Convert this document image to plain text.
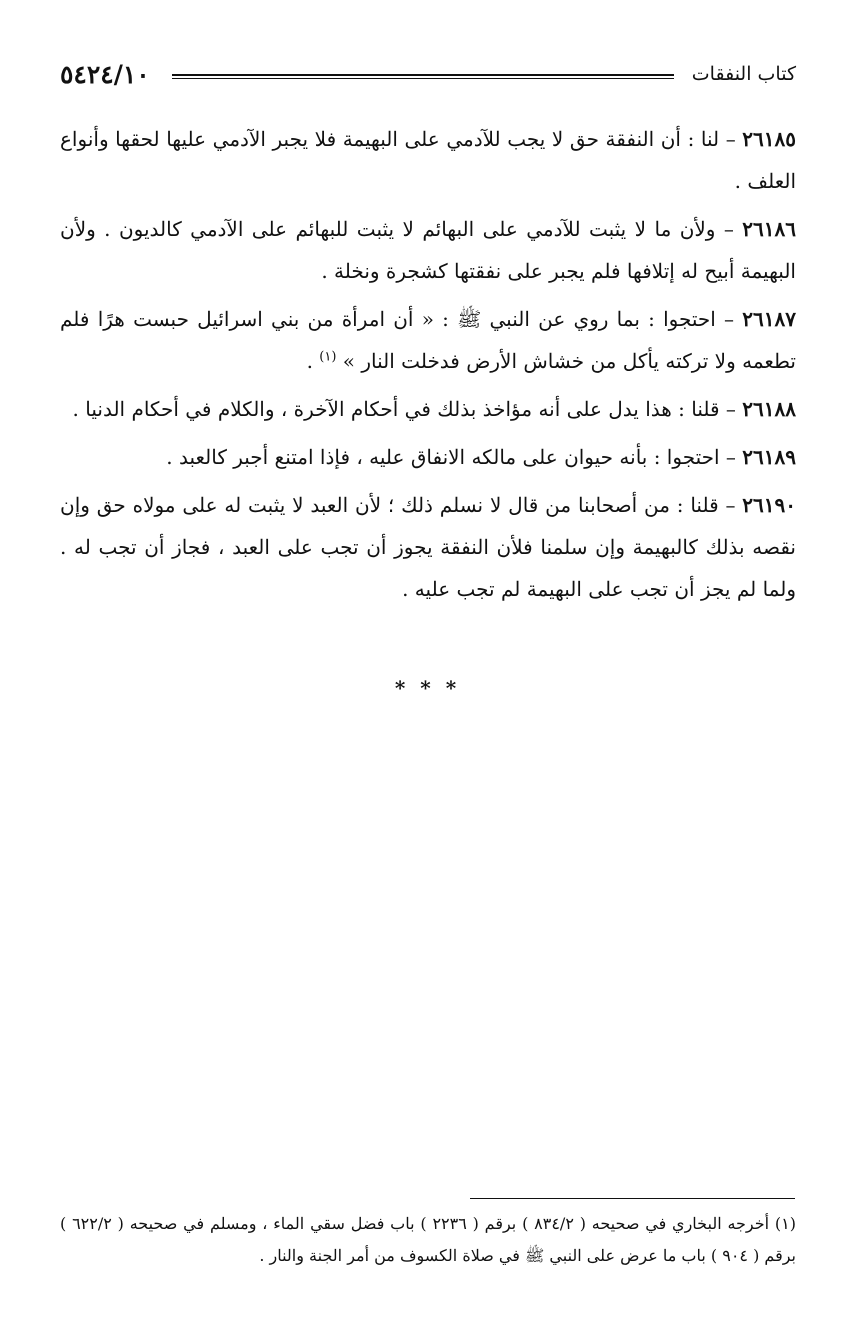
٥٤٢٤/١٠	كتاب النفقات

٢٦١٨٥ – لنا : أن النفقة حق لا يجب للآدمي على البهيمة فلا يجبر الآدمي عليها لحقها وأنواع العلف .

٢٦١٨٦ – ولأن ما لا يثبت للآدمي على البهائم لا يثبت للبهائم على الآدمي كالديون . ولأن البهيمة أبيح له إتلافها فلم يجبر على نفقتها كشجرة ونخلة .

٢٦١٨٧ – احتجوا : بما روي عن النبي ﷺ : « أن امرأة من بني اسرائيل حبست هرًا فلم تطعمه ولا تركته يأكل من خشاش الأرض فدخلت النار » $^{(١)}$ .

٢٦١٨٨ – قلنا : هذا يدل على أنه مؤاخذ بذلك في أحكام الآخرة ، والكلام في أحكام الدنيا .

٢٦١٨٩ – احتجوا : بأنه حيوان على مالكه الانفاق عليه ، فإذا امتنع أجبر كالعبد .

٢٦١٩٠ – قلنا : من أصحابنا من قال لا نسلم ذلك ؛ لأن العبد لا يثبت له على مولاه حق وإن نقصه بذلك كالبهيمة وإن سلمنا فلأن النفقة يجوز أن تجب على العبد ، فجاز أن تجب له . ولما لم يجز أن تجب على البهيمة لم تجب عليه .

* * *

(١) أخرجه البخاري في صحيحه ( ٨٣٤/٢ ) برقم ( ٢٢٣٦ ) باب فضل سقي الماء ، ومسلم في صحيحه ( ٦٢٢/٢ ) برقم ( ٩٠٤ ) باب ما عرض على النبي ﷺ في صلاة الكسوف من أمر الجنة والنار .
